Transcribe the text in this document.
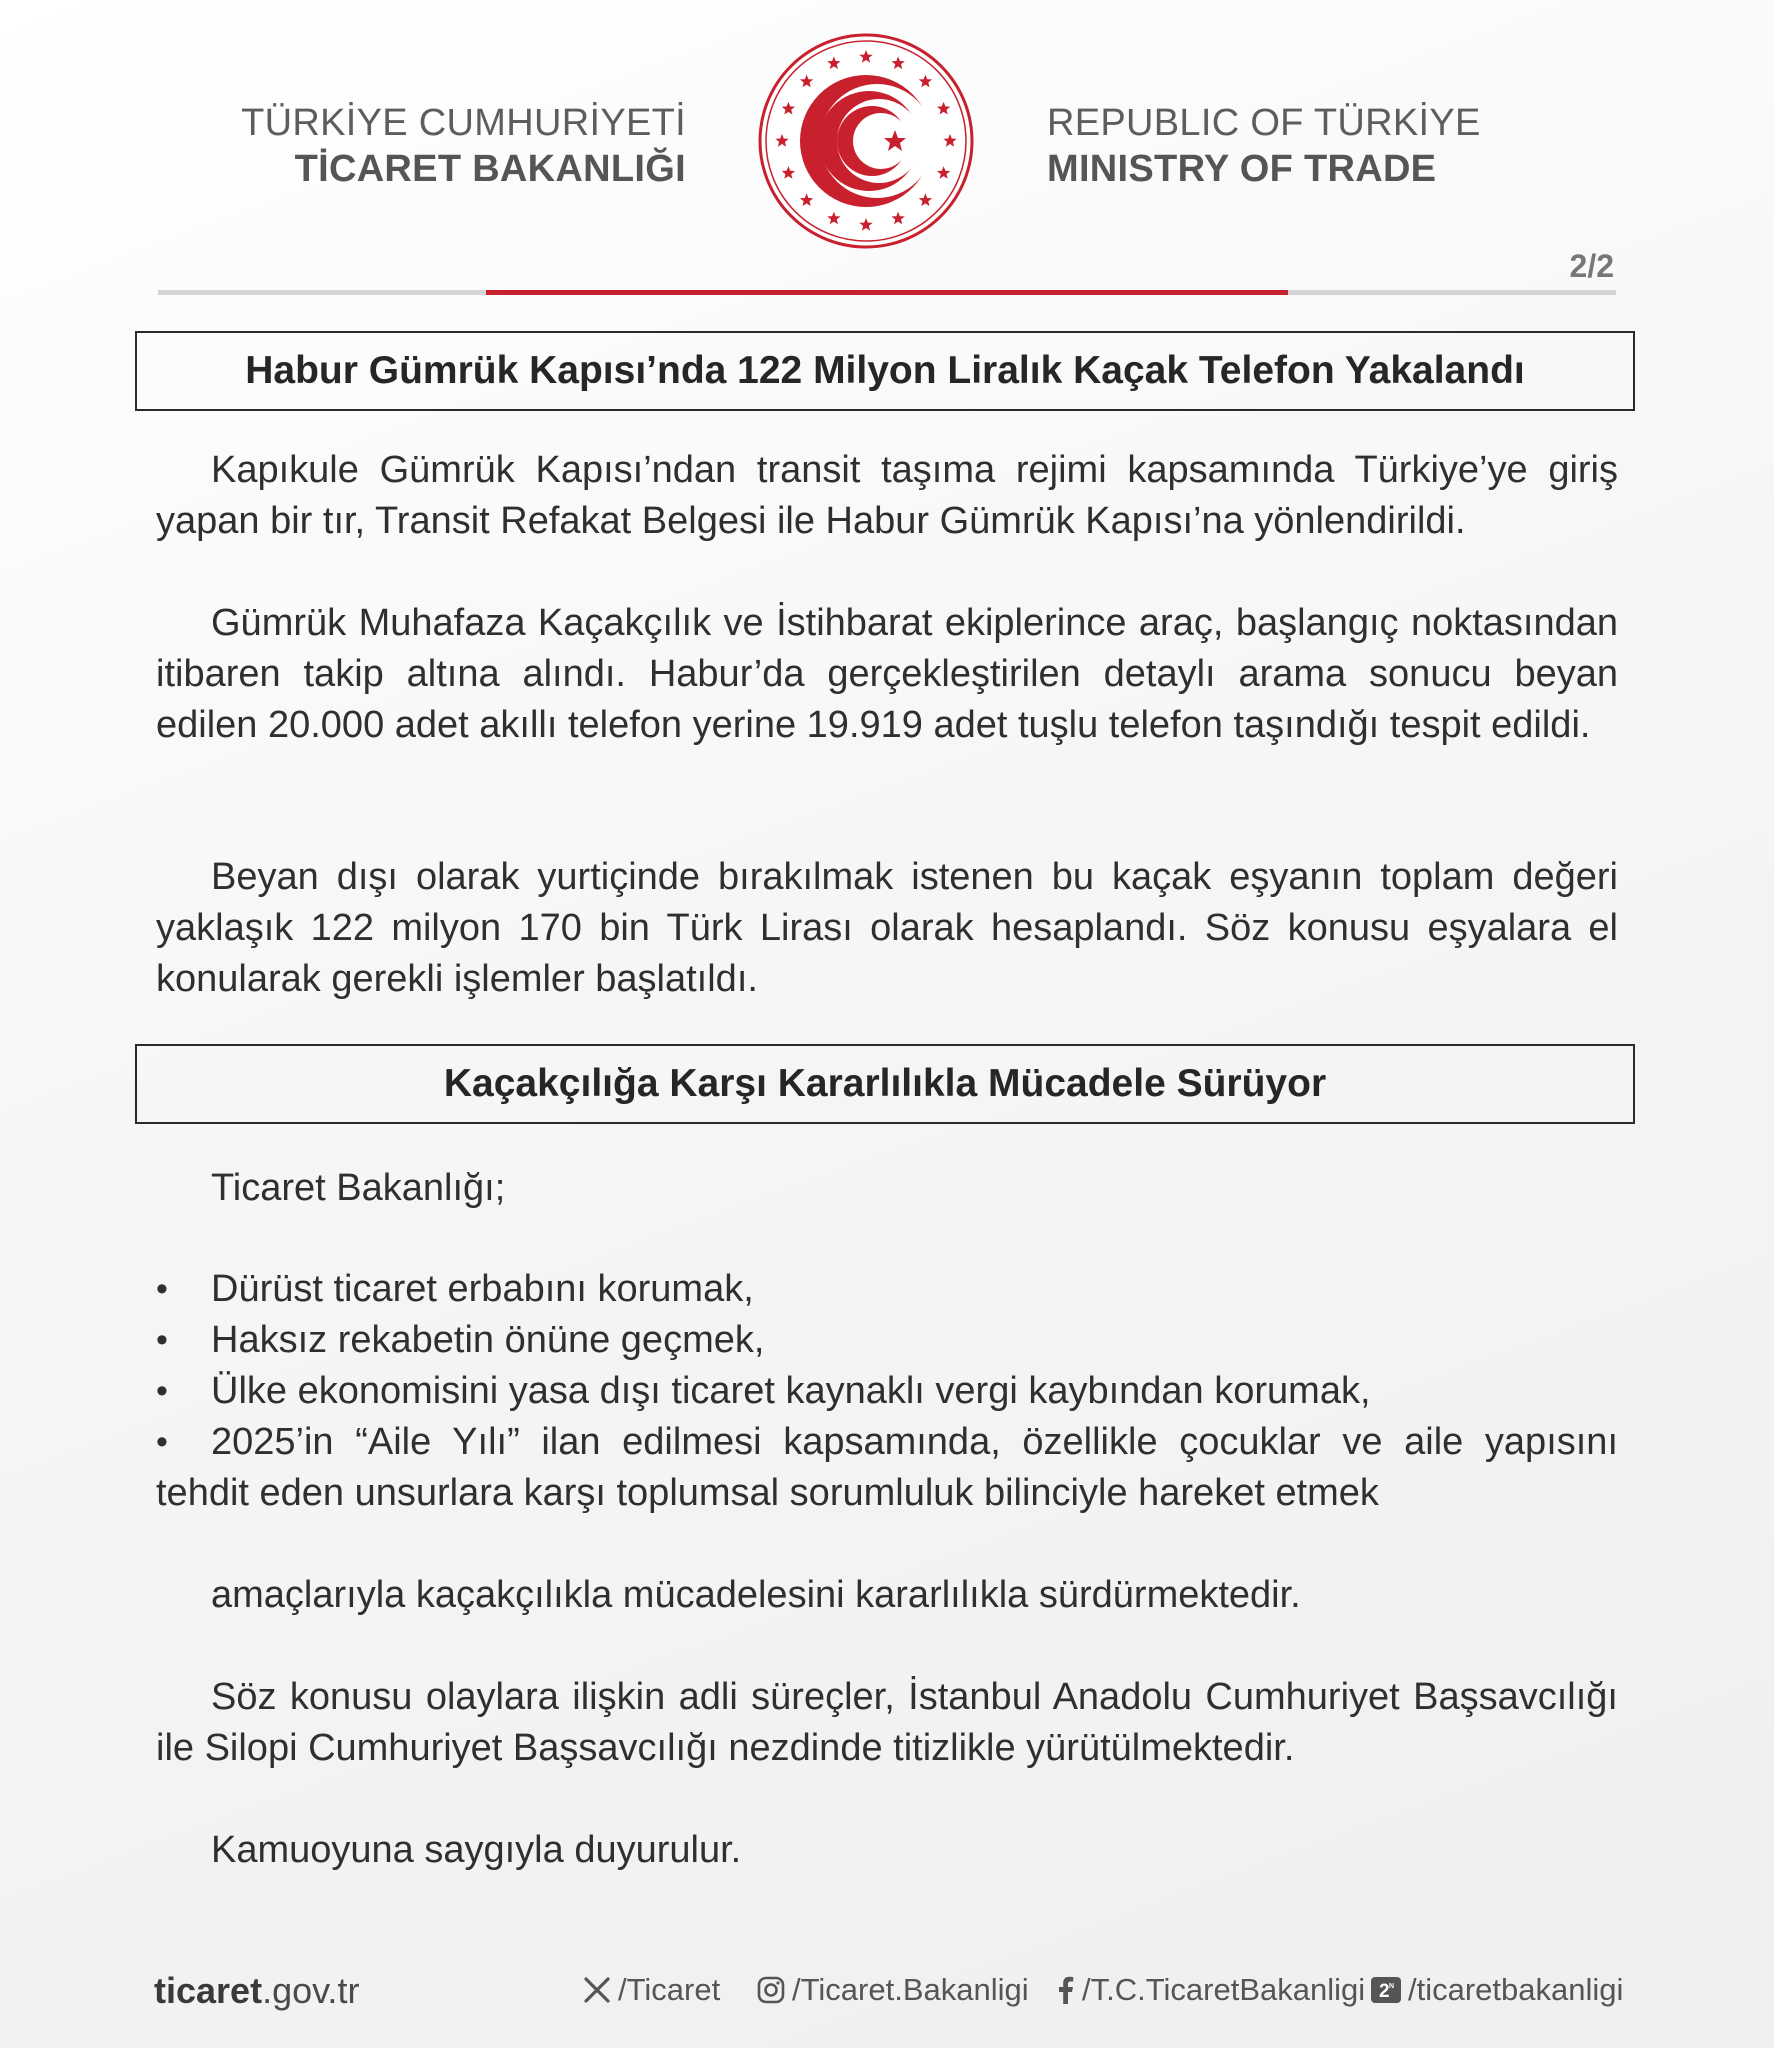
TÜRKİYE CUMHURİYETİ
TİCARET BAKANLIĞI
REPUBLIC OF TÜRKİYE
MINISTRY OF TRADE
2/2
Habur Gümrük Kapısı’nda 122 Milyon Liralık Kaçak Telefon Yakalandı
Kapıkule Gümrük Kapısı’ndan transit taşıma rejimi kapsamında Türkiye’ye giriş yapan bir tır, Transit Refakat Belgesi ile Habur Gümrük Kapısı’na yönlendirildi.
Gümrük Muhafaza Kaçakçılık ve İstihbarat ekiplerince araç, başlangıç noktasından itibaren takip altına alındı. Habur’da gerçekleştirilen detaylı arama sonucu beyan edilen 20.000 adet akıllı telefon yerine 19.919 adet tuşlu telefon taşındığı tespit edildi.
Beyan dışı olarak yurtiçinde bırakılmak istenen bu kaçak eşyanın toplam değeri yaklaşık 122 milyon 170 bin Türk Lirası olarak hesaplandı. Söz konusu eşyalara el konularak gerekli işlemler başlatıldı.
Kaçakçılığa Karşı Kararlılıkla Mücadele Sürüyor
Ticaret Bakanlığı;
• Dürüst ticaret erbabını korumak,
• Haksız rekabetin önüne geçmek,
• Ülke ekonomisini yasa dışı ticaret kaynaklı vergi kaybından korumak,
• 2025’in “Aile Yılı” ilan edilmesi kapsamında, özellikle çocuklar ve aile yapısını
tehdit eden unsurlara karşı toplumsal sorumluluk bilinciyle hareket etmek
amaçlarıyla kaçakçılıkla mücadelesini kararlılıkla sürdürmektedir.
Söz konusu olaylara ilişkin adli süreçler, İstanbul Anadolu Cumhuriyet Başsavcılığı ile Silopi Cumhuriyet Başsavcılığı nezdinde titizlikle yürütülmektedir.
Kamuoyuna saygıyla duyurulur.
ticaret.gov.tr	/Ticaret /Ticaret.Bakanligi /T.C.TicaretBakanligi 2 N /ticaretbakanligi
